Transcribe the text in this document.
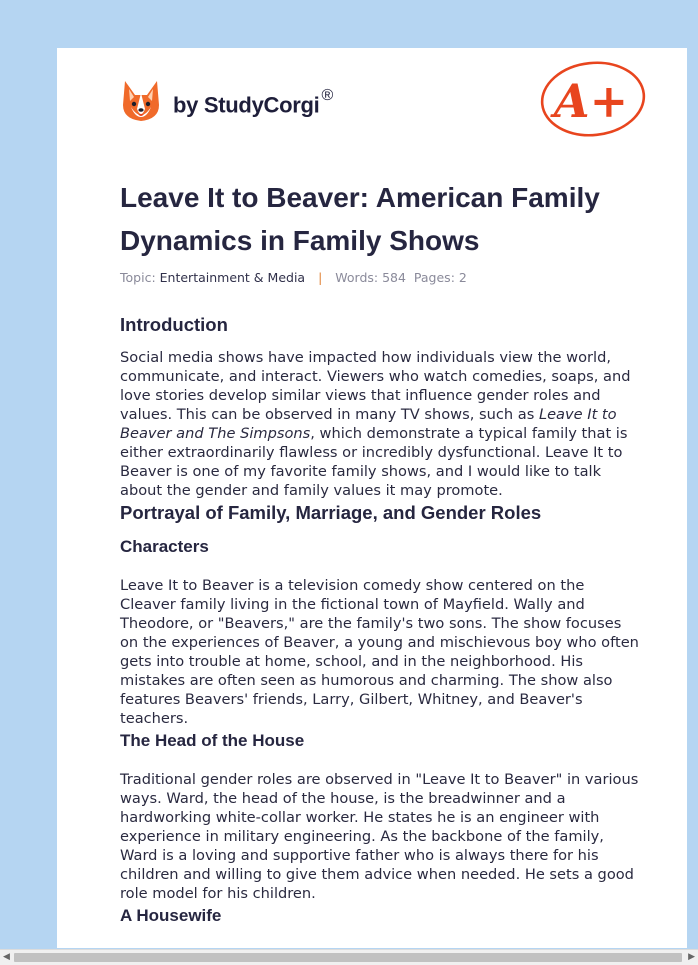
by StudyCorgi ®	A+
Leave It to Beaver: American Family Dynamics in Family Shows
Topic: Entertainment & Media | Words: 584 Pages: 2
Introduction

Social media shows have impacted how individuals view the world, communicate, and interact. Viewers who watch comedies, soaps, and love stories develop similar views that influence gender roles and values. This can be observed in many TV shows, such as Leave It to Beaver and The Simpsons, which demonstrate a typical family that is either extraordinarily flawless or incredibly dysfunctional. Leave It to Beaver is one of my favorite family shows, and I would like to talk about the gender and family values it may promote.

Portrayal of Family, Marriage, and Gender Roles
Characters

Leave It to Beaver is a television comedy show centered on the Cleaver family living in the fictional town of Mayfield. Wally and Theodore, or "Beavers," are the family's two sons. The show focuses on the experiences of Beaver, a young and mischievous boy who often gets into trouble at home, school, and in the neighborhood. His mistakes are often seen as humorous and charming. The show also features Beavers' friends, Larry, Gilbert, Whitney, and Beaver's teachers.

The Head of the House

Traditional gender roles are observed in "Leave It to Beaver" in various ways. Ward, the head of the house, is the breadwinner and a hardworking white-collar worker. He states he is an engineer with experience in military engineering. As the backbone of the family, Ward is a loving and supportive father who is always there for his children and willing to give them advice when needed. He sets a good role model for his children.

A Housewife
◀	▶
